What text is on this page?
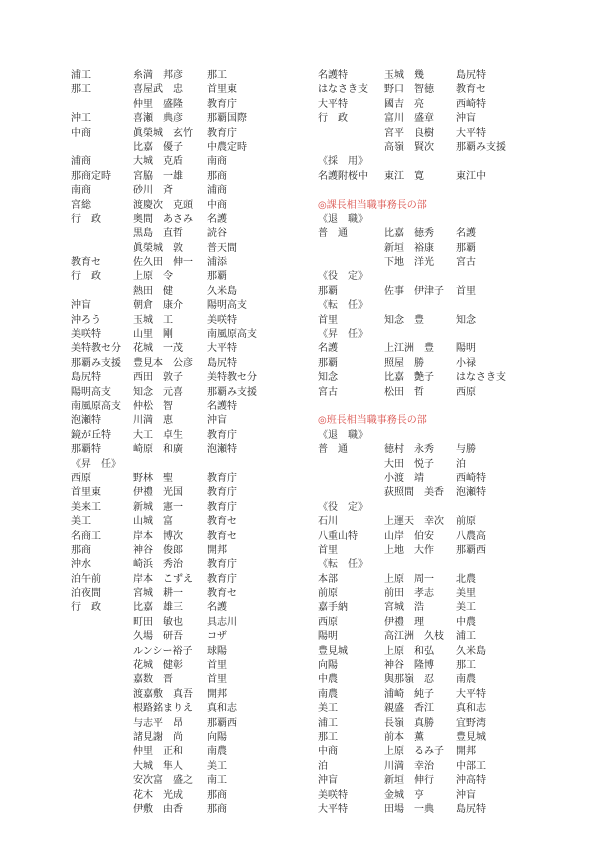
浦工	糸満　邦彦	那工
那工	喜屋武　忠	首里東
仲里　盛隆	教育庁
沖工	喜瀬　典彦	那覇国際
中商	眞榮城　玄竹	教育庁
比嘉　優子	中農定時
浦商	大城　克盾	南商
那商定時	宮脇　一雄	那商
南商	砂川　斉	浦商
宮総	渡慶次　克頭	中商
行　政	奥間　あさみ	名護
黒島　直哲	読谷
眞榮城　敦	普天間
教育セ	佐久田　伸一	浦添
行　政	上原　令	那覇
熱田　健	久米島
沖盲	朝倉　康介	陽明高支
沖ろう	玉城　工	美咲特
美咲特	山里　剛	南風原高支
美特教セ分	花城　一茂	大平特
那覇み支援	豊見本　公彦	島尻特
島尻特	西田　敦子	美特教セ分
陽明高支	知念　元喜	那覇み支援
南風原高支	仲松　智	名護特
泡瀬特	川満　恵	沖盲
鏡が丘特	大工　卓生	教育庁
那覇特	崎原　和廣	泡瀬特
《昇　任》
西原	野林　聖	教育庁
首里東	伊禮　光国	教育庁
美来工	新城　憲一	教育庁
美工	山城　富	教育セ
名商工	岸本　博次	教育セ
那商	神谷　俊郎	開邦
沖水	崎浜　秀治	教育庁
泊午前	岸本　こずえ	教育庁
泊夜間	宮城　耕一	教育セ
行　政	比嘉　雄三	名護
町田　敏也	具志川
久場　研吾	コザ
ルンシー裕子	球陽
花城　健彰	首里
嘉数　晋	首里
渡嘉敷　真吾	開邦
根路銘まりえ	真和志
与志平　昂	那覇西
諸見謝　尚	向陽
仲里　正和	南農
大城　隼人	美工
安次富　盛之	南工
花木　光成	那商
伊敷　由香	那商
名護特	玉城　幾	島尻特
はなさき支	野口　智徳	教育セ
大平特	國吉　亮	西崎特
行　政	富川　盛章	沖盲
宮平　良樹	大平特
高嶺　賢次	那覇み支援
《採　用》
名護附桜中	東江　寛	東江中
◎課長相当職事務長の部
《退　職》
普　通	比嘉　徳秀	名護
新垣　裕康	那覇
下地　洋光	宮古
《役　定》
那覇	佐事　伊津子	首里
《転　任》
首里	知念　豊	知念
《昇　任》
名護	上江洲　豊	陽明
那覇	照屋　勝	小禄
知念	比嘉　艶子	はなさき支
宮古	松田　哲	西原
◎班長相当職事務長の部
《退　職》
普　通	徳村　永秀	与勝
大田　悦子	泊
小渡　靖	西崎特
荻照間　美香	泡瀬特
《役　定》
石川	上運天　幸次	前原
八重山特	山岸　伯安	八農高
首里	上地　大作	那覇西
《転　任》
本部	上原　周一	北農
前原	前田　孝志	美里
嘉手納	宮城　浩	美工
西原	伊禮　理	中農
陽明	高江洲　久枝	浦工
豊見城	上原　和弘	久米島
向陽	神谷　隆博	那工
中農	與那嶺　忍	南農
南農	浦崎　純子	大平特
美工	親盛　香江	真和志
浦工	長嶺　真勝	宜野湾
那工	前本　薫	豊見城
中商	上原　るみ子	開邦
泊	川満　幸治	中部工
沖盲	新垣　伸行	沖高特
美咲特	金城　亨	沖盲
大平特	田場　一典	島尻特
